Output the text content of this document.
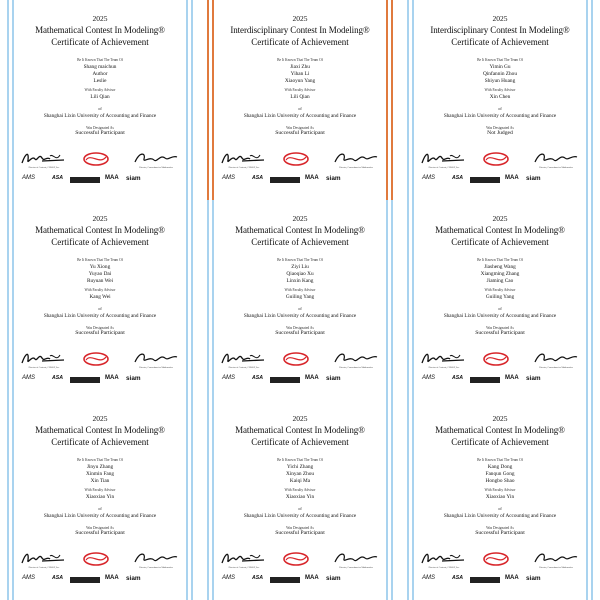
2025
Mathematical Contest In Modeling®
Certificate of Achievement
Be It Known That The Team Of
Shang maichun
Author
Leslie
With Faculty Advisor
Lili Qian
of
Shanghai Lixin University of Accounting and Finance
Was Designated As
Successful Participant
Director of Contests, COMAP, Inc.	Director, Consortium for Mathematics
AMS	ASA	MAA siam
2025
Interdisciplinary Contest In Modeling®
Certificate of Achievement
Be It Known That The Team Of
Jiaxi Zhu
Yihan Li
Xiaoyun Yang
With Faculty Advisor
Lili Qian
of
Shanghai Lixin University of Accounting and Finance
Was Designated As
Successful Participant
Director of Contests, COMAP, Inc.	Director, Consortium for Mathematics
AMS	ASA	MAA siam
2025
Interdisciplinary Contest In Modeling®
Certificate of Achievement
Be It Known That The Team Of
Yimin Gu
Qinfannin Zhou
Shiyun Huang
With Faculty Advisor
Xin Chen
of
Shanghai Lixin University of Accounting and Finance
Was Designated As
Not Judged
Director of Contests, COMAP, Inc.	Director, Consortium for Mathematics
AMS	ASA	MAA siam
2025
Mathematical Contest In Modeling®
Certificate of Achievement
Be It Known That The Team Of
Yu Xiong
Yuyao Dai
Ruyuan Wei
With Faculty Advisor
Kang Wei
of
Shanghai Lixin University of Accounting and Finance
Was Designated As
Successful Participant
Director of Contests, COMAP, Inc.	Director, Consortium for Mathematics
AMS	ASA	MAA siam
2025
Mathematical Contest In Modeling®
Certificate of Achievement
Be It Known That The Team Of
Ziyi Liu
Qiaoqiao Xu
Linxin Kang
With Faculty Advisor
Guiling Yang
of
Shanghai Lixin University of Accounting and Finance
Was Designated As
Successful Participant
Director of Contests, COMAP, Inc.	Director, Consortium for Mathematics
AMS	ASA	MAA siam
2025
Mathematical Contest In Modeling®
Certificate of Achievement
Be It Known That The Team Of
Jiasheng Wang
Xiangming Zhang
Jiaming Cao
With Faculty Advisor
Guiling Yang
of
Shanghai Lixin University of Accounting and Finance
Was Designated As
Successful Participant
Director of Contests, COMAP, Inc.	Director, Consortium for Mathematics
AMS	ASA	MAA siam
2025
Mathematical Contest In Modeling®
Certificate of Achievement
Be It Known That The Team Of
Jinyu Zhang
Xinmin Fang
Xin Tian
With Faculty Advisor
Xiaoxiao Yin
of
Shanghai Lixin University of Accounting and Finance
Was Designated As
Successful Participant
Director of Contests, COMAP, Inc.	Director, Consortium for Mathematics
AMS	ASA	MAA siam
2025
Mathematical Contest In Modeling®
Certificate of Achievement
Be It Known That The Team Of
Yichi Zhang
Xinyan Zhou
Kaiqi Ma
With Faculty Advisor
Xiaoxiao Yin
of
Shanghai Lixin University of Accounting and Finance
Was Designated As
Successful Participant
Director of Contests, COMAP, Inc.	Director, Consortium for Mathematics
AMS	ASA	MAA siam
2025
Mathematical Contest In Modeling®
Certificate of Achievement
Be It Known That The Team Of
Kang Dong
Fanqun Gong
Hongbo Shao
With Faculty Advisor
Xiaoxiao Yin
of
Shanghai Lixin University of Accounting and Finance
Was Designated As
Successful Participant
Director of Contests, COMAP, Inc.	Director, Consortium for Mathematics
AMS	ASA	MAA siam
